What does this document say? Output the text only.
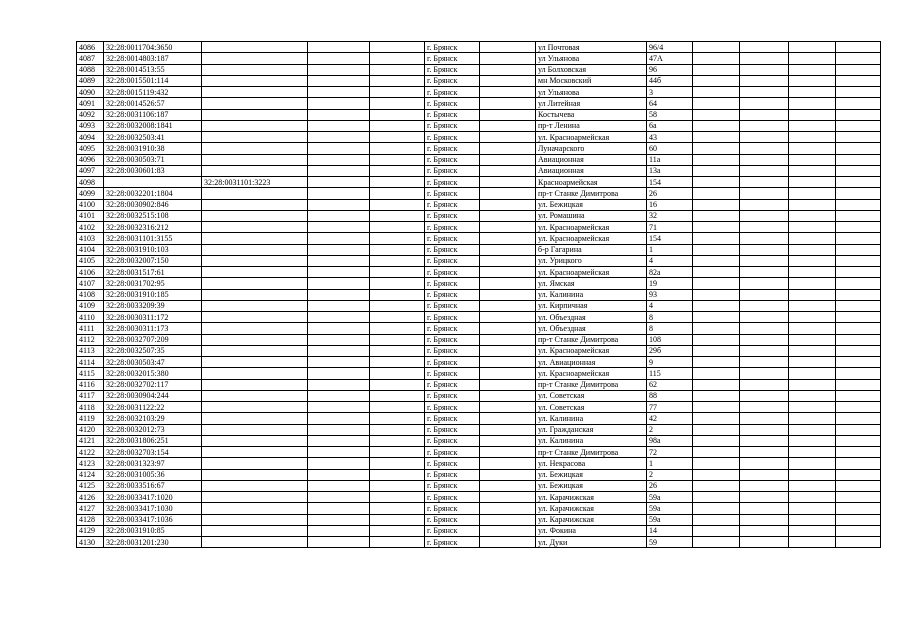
4086	32:28:0011704:3650				г. Брянск		ул Почтовая	96/4				
4087	32:28:0014803:187				г. Брянск		ул Ульянова	47А				
4088	32:28:0014513:55				г. Брянск		ул Болховская	96				
4089	32:28:0015501:114				г. Брянск		мн Московский	44б				
4090	32:28:0015119:432				г. Брянск		ул Ульянова	3				
4091	32:28:0014526:57				г. Брянск		ул Литейная	64				
4092	32:28:0031106:187				г. Брянск		Костычева	58				
4093	32:28:0032008:1841				г. Брянск		пр-т Ленина	6а				
4094	32:28:0032503:41				г. Брянск		ул. Красноармейская	43				
4095	32:28:0031910:38				г. Брянск		Луначарского	60				
4096	32:28:0030503:71				г. Брянск		Авиационная	11а				
4097	32:28:0030601:83				г. Брянск		Авиационная	13а				
4098		32:28:0031101:3223			г. Брянск		Красноармейская	154				
4099	32:28:0032201:1804				г. Брянск		пр-т Станке Димитрова	26				
4100	32:28:0030902:846				г. Брянск		ул. Бежицкая	16				
4101	32:28:0032515:108				г. Брянск		ул. Ромашина	32				
4102	32:28:0032316:212				г. Брянск		ул. Красноармейская	71				
4103	32:28:0031101:3155				г. Брянск		ул. Красноармейская	154				
4104	32:28:0031910:103				г. Брянск		б-р Гагарина	1				
4105	32:28:0032007:150				г. Брянск		ул. Урицкого	4				
4106	32:28:0031517:61				г. Брянск		ул. Красноармейская	82а				
4107	32:28:0031702:95				г. Брянск		ул. Ямская	19				
4108	32:28:0031910:185				г. Брянск		ул. Калинина	93				
4109	32:28:0033209:39				г. Брянск		ул. Кирпичная	4				
4110	32:28:0030311:172				г. Брянск		ул. Объездная	8				
4111	32:28:0030311:173				г. Брянск		ул. Объездная	8				
4112	32:28:0032707:209				г. Брянск		пр-т Станке Димитрова	108				
4113	32:28:0032507:35				г. Брянск		ул. Красноармейская	29б				
4114	32:28:0030503:47				г. Брянск		ул. Авиационная	9				
4115	32:28:0032015:380				г. Брянск		ул. Красноармейская	115				
4116	32:28:0032702:117				г. Брянск		пр-т Станке Димитрова	62				
4117	32:28:0030904:244				г. Брянск		ул. Советская	88				
4118	32:28:0031122:22				г. Брянск		ул. Советская	77				
4119	32:28:0032103:29				г. Брянск		ул. Калинина	42				
4120	32:28:0032012:73				г. Брянск		ул. Гражданская	2				
4121	32:28:0031806:251				г. Брянск		ул. Калинина	98а				
4122	32:28:0032703:154				г. Брянск		пр-т Станке Димитрова	72				
4123	32:28:0031323:97				г. Брянск		ул. Некрасова	1				
4124	32:28:0031005:36				г. Брянск		ул. Бежицкая	2				
4125	32:28:0033516:67				г. Брянск		ул. Бежицкая	26				
4126	32:28:0033417:1020				г. Брянск		ул. Карачижская	59а				
4127	32:28:0033417:1030				г. Брянск		ул. Карачижская	59а				
4128	32:28:0033417:1036				г. Брянск		ул. Карачижская	59а				
4129	32:28:0031910:85				г. Брянск		ул. Фокина	14				
4130	32:28:0031201:230				г. Брянск		ул. Дуки	59				
